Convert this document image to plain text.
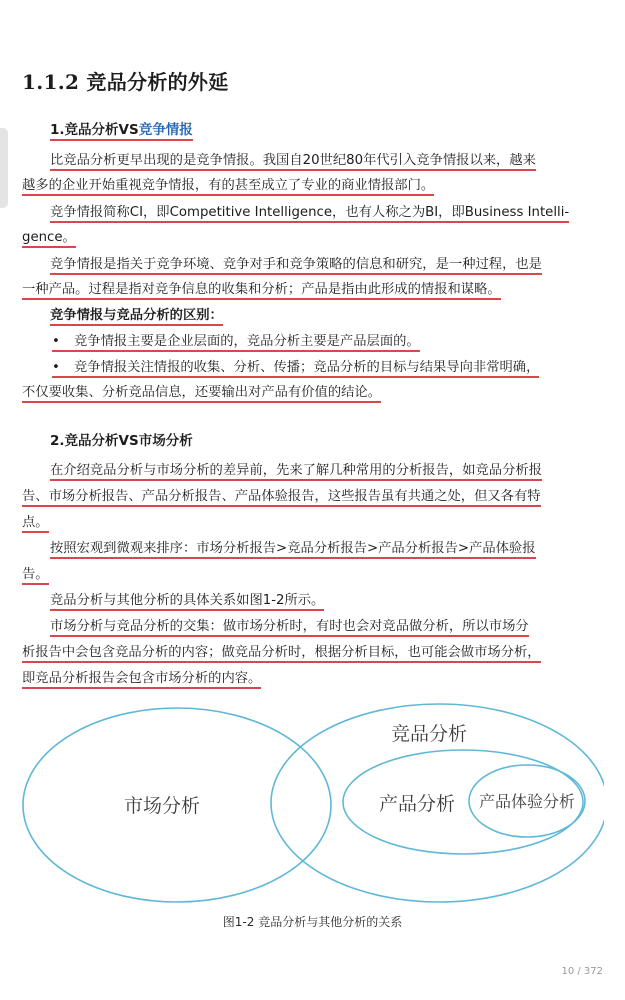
1.1.2 竞品分析的外延
1.竞品分析VS竞争情报
比竞品分析更早出现的是竞争情报。我国自20世纪80年代引入竞争情报以来，越来
越多的企业开始重视竞争情报，有的甚至成立了专业的商业情报部门。
竞争情报简称CI，即Competitive Intelligence，也有人称之为BI，即Business Intelli-
gence。
竞争情报是指关于竞争环境、竞争对手和竞争策略的信息和研究，是一种过程，也是
一种产品。过程是指对竞争信息的收集和分析；产品是指由此形成的情报和谋略。
竞争情报与竞品分析的区别：
• 竞争情报主要是企业层面的，竞品分析主要是产品层面的。
• 竞争情报关注情报的收集、分析、传播；竞品分析的目标与结果导向非常明确，
不仅要收集、分析竞品信息，还要输出对产品有价值的结论。
2.竞品分析VS市场分析
在介绍竞品分析与市场分析的差异前，先来了解几种常用的分析报告，如竞品分析报
告、市场分析报告、产品分析报告、产品体验报告，这些报告虽有共通之处，但又各有特
点。
按照宏观到微观来排序：市场分析报告>竞品分析报告>产品分析报告>产品体验报
告。
竞品分析与其他分析的具体关系如图1-2所示。
市场分析与竞品分析的交集：做市场分析时，有时也会对竞品做分析，所以市场分
析报告中会包含竞品分析的内容；做竞品分析时，根据分析目标，也可能会做市场分析，
即竞品分析报告会包含市场分析的内容。
市场分析
竞品分析
产品分析 产品体验分析
图1-2 竞品分析与其他分析的关系
10 / 372
